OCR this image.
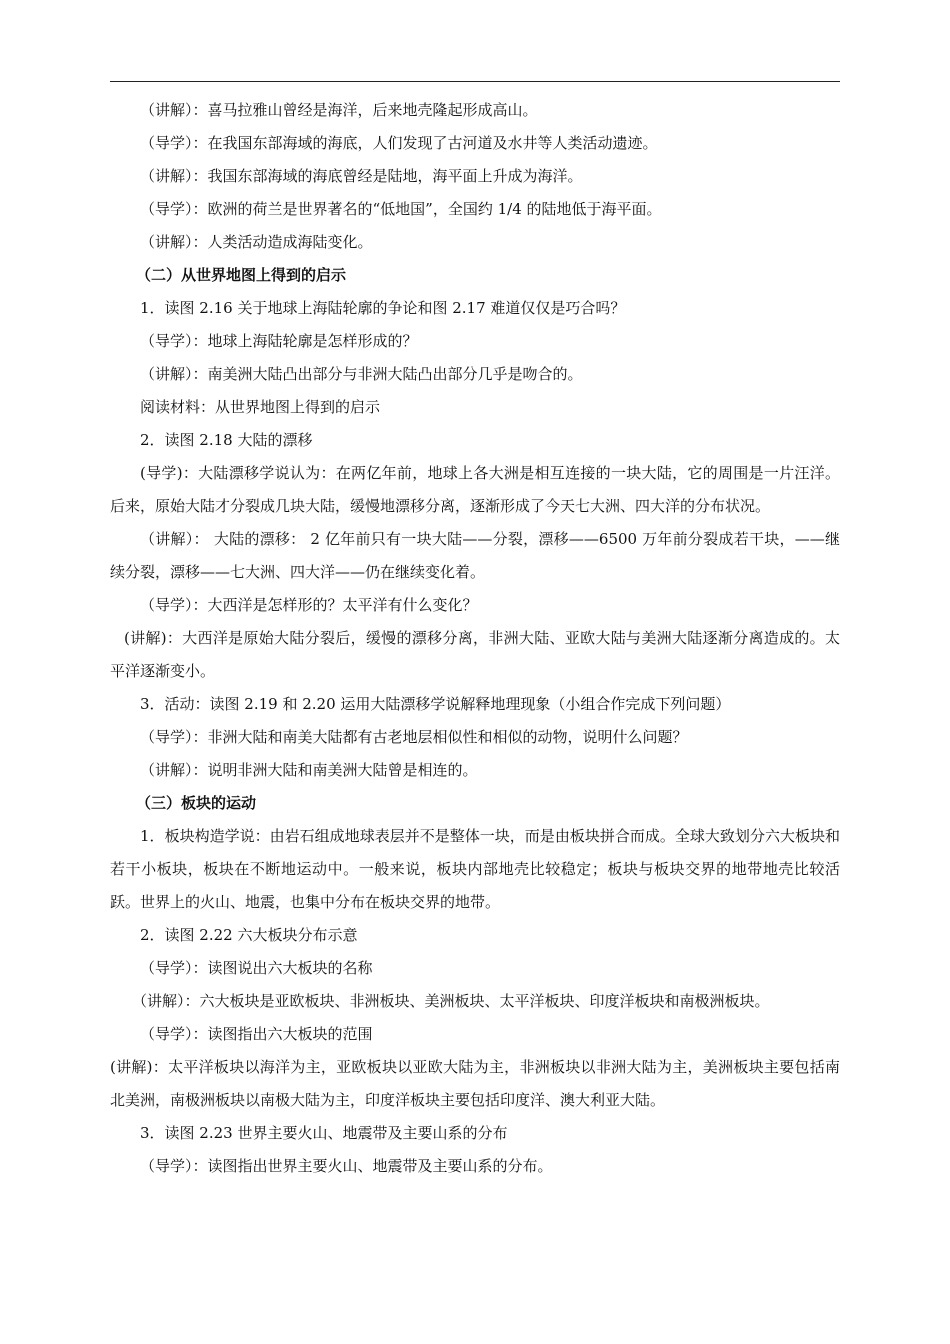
（讲解）：喜马拉雅山曾经是海洋，后来地壳隆起形成高山。
（导学）：在我国东部海域的海底，人们发现了古河道及水井等人类活动遗迹。
（讲解）：我国东部海域的海底曾经是陆地，海平面上升成为海洋。
（导学）：欧洲的荷兰是世界著名的“低地国”，全国约 1/4 的陆地低于海平面。
（讲解）：人类活动造成海陆变化。
（二）从世界地图上得到的启示
1．读图 2.16 关于地球上海陆轮廓的争论和图 2.17 难道仅仅是巧合吗？
（导学）：地球上海陆轮廓是怎样形成的？
（讲解）：南美洲大陆凸出部分与非洲大陆凸出部分几乎是吻合的。
阅读材料：从世界地图上得到的启示
2．读图 2.18 大陆的漂移
(导学)：大陆漂移学说认为：在两亿年前，地球上各大洲是相互连接的一块大陆，它的周围是一片汪洋。后来，原始大陆才分裂成几块大陆，缓慢地漂移分离，逐渐形成了今天七大洲、四大洋的分布状况。
（讲解）： 大陆的漂移： 2 亿年前只有一块大陆——分裂，漂移——6500 万年前分裂成若干块，——继续分裂，漂移——七大洲、四大洋——仍在继续变化着。
（导学）：大西洋是怎样形的？太平洋有什么变化？
(讲解)：大西洋是原始大陆分裂后，缓慢的漂移分离，非洲大陆、亚欧大陆与美洲大陆逐渐分离造成的。太平洋逐渐变小。
3．活动：读图 2.19 和 2.20 运用大陆漂移学说解释地理现象（小组合作完成下列问题）
（导学）：非洲大陆和南美大陆都有古老地层相似性和相似的动物，说明什么问题？
（讲解）：说明非洲大陆和南美洲大陆曾是相连的。
（三）板块的运动
1．板块构造学说：由岩石组成地球表层并不是整体一块，而是由板块拼合而成。全球大致划分六大板块和若干小板块，板块在不断地运动中。一般来说，板块内部地壳比较稳定；板块与板块交界的地带地壳比较活跃。世界上的火山、地震，也集中分布在板块交界的地带。
2．读图 2.22 六大板块分布示意
（导学）：读图说出六大板块的名称
（讲解）：六大板块是亚欧板块、非洲板块、美洲板块、太平洋板块、印度洋板块和南极洲板块。
（导学）：读图指出六大板块的范围
(讲解)：太平洋板块以海洋为主，亚欧板块以亚欧大陆为主，非洲板块以非洲大陆为主，美洲板块主要包括南北美洲，南极洲板块以南极大陆为主，印度洋板块主要包括印度洋、澳大利亚大陆。
3．读图 2.23 世界主要火山、地震带及主要山系的分布
（导学）：读图指出世界主要火山、地震带及主要山系的分布。
